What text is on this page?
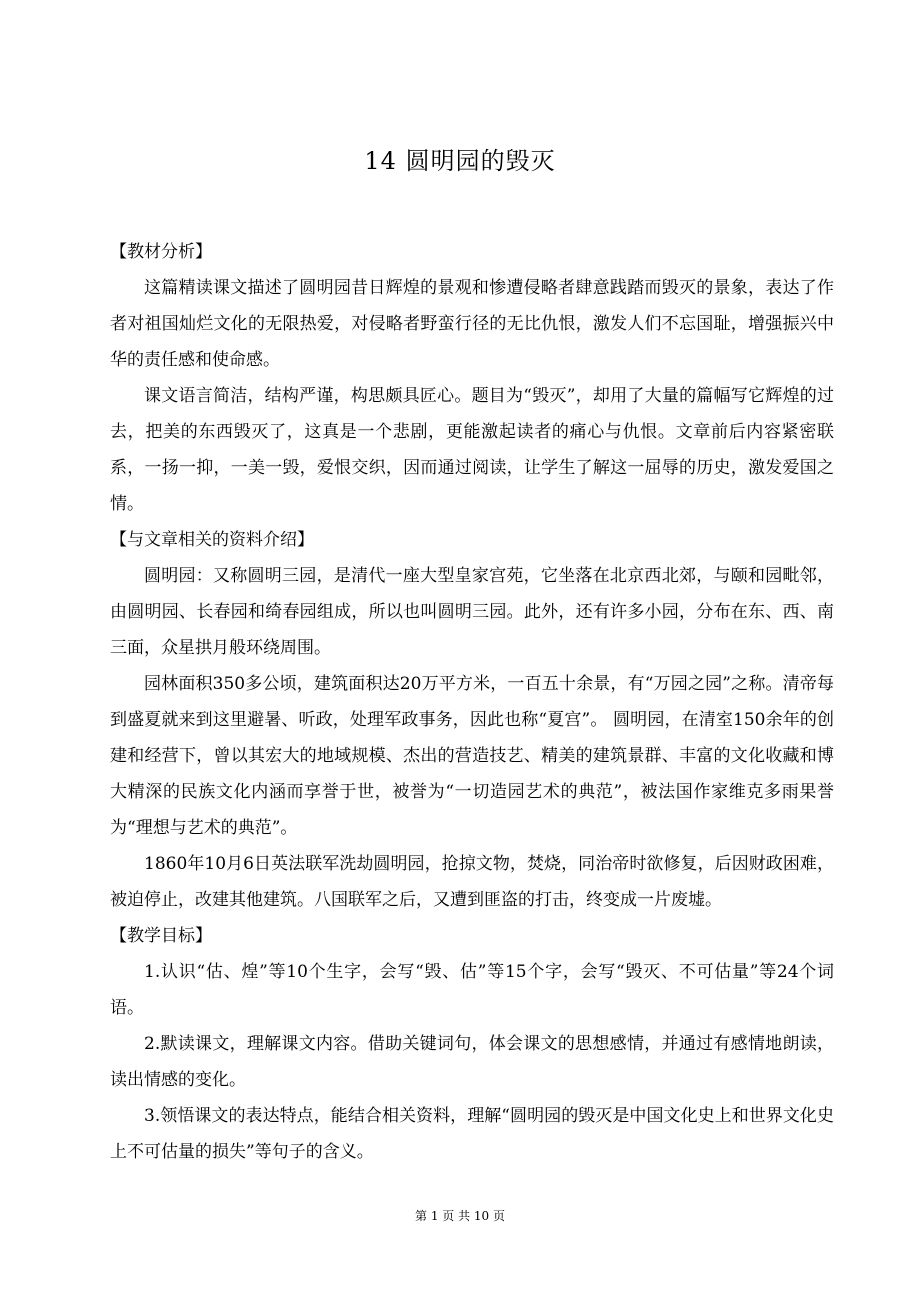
14 圆明园的毁灭

【教材分析】

这篇精读课文描述了圆明园昔日辉煌的景观和惨遭侵略者肆意践踏而毁灭的景象，表达了作者对祖国灿烂文化的无限热爱，对侵略者野蛮行径的无比仇恨，激发人们不忘国耻，增强振兴中华的责任感和使命感。

课文语言简洁，结构严谨，构思颇具匠心。题目为“毁灭”，却用了大量的篇幅写它辉煌的过去，把美的东西毁灭了，这真是一个悲剧，更能激起读者的痛心与仇恨。文章前后内容紧密联系，一扬一抑，一美一毁，爱恨交织，因而通过阅读，让学生了解这一屈辱的历史，激发爱国之情。

【与文章相关的资料介绍】

圆明园：又称圆明三园，是清代一座大型皇家宫苑，它坐落在北京西北郊，与颐和园毗邻，由圆明园、长春园和绮春园组成，所以也叫圆明三园。此外，还有许多小园，分布在东、西、南三面，众星拱月般环绕周围。

园林面积350多公顷，建筑面积达20万平方米，一百五十余景，有“万园之园”之称。清帝每到盛夏就来到这里避暑、听政，处理军政事务，因此也称“夏宫”。 圆明园，在清室150余年的创建和经营下，曾以其宏大的地域规模、杰出的营造技艺、精美的建筑景群、丰富的文化收藏和博大精深的民族文化内涵而享誉于世，被誉为“一切造园艺术的典范”，被法国作家维克多雨果誉为“理想与艺术的典范”。

1860年10月6日英法联军洗劫圆明园，抢掠文物，焚烧，同治帝时欲修复，后因财政困难，被迫停止，改建其他建筑。八国联军之后，又遭到匪盗的打击，终变成一片废墟。

【教学目标】

1.认识“估、煌”等10个生字，会写“毁、估”等15个字，会写“毁灭、不可估量”等24个词语。

2.默读课文，理解课文内容。借助关键词句，体会课文的思想感情，并通过有感情地朗读，读出情感的变化。

3.领悟课文的表达特点，能结合相关资料，理解“圆明园的毁灭是中国文化史上和世界文化史上不可估量的损失”等句子的含义。

第 1 页 共 10 页
